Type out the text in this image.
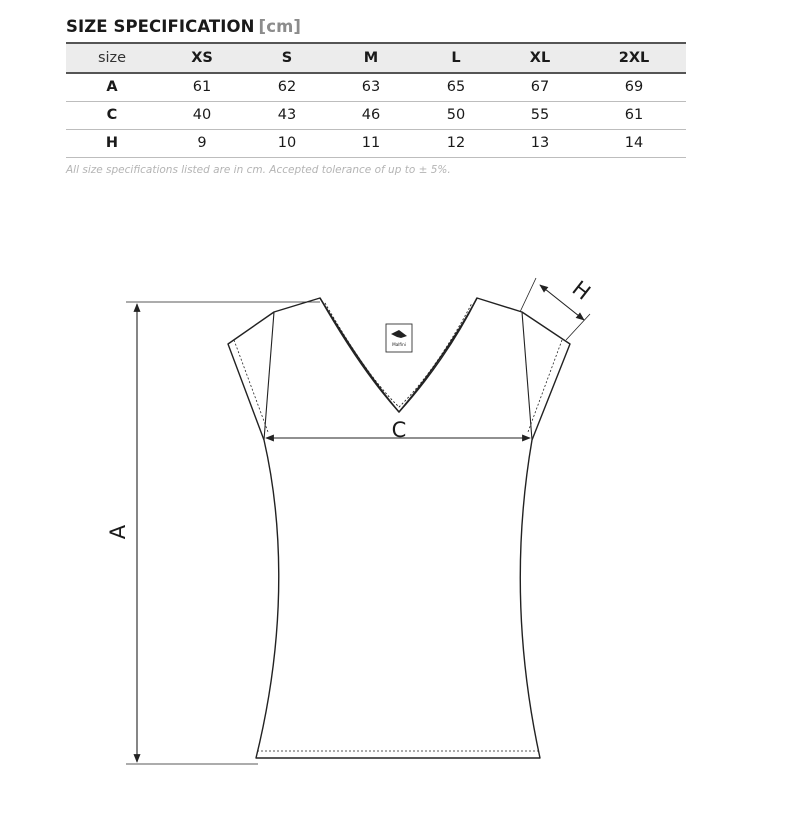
SIZE SPECIFICATION [cm]
size	XS	S	M	L	XL	2XL
A	61	62	63	65	67	69
C	40	43	46	50	55	61
H	9	10	11	12	13	14
All size specifications listed are in cm. Accepted tolerance of up to ± 5%.
Malfini
A
C
H
